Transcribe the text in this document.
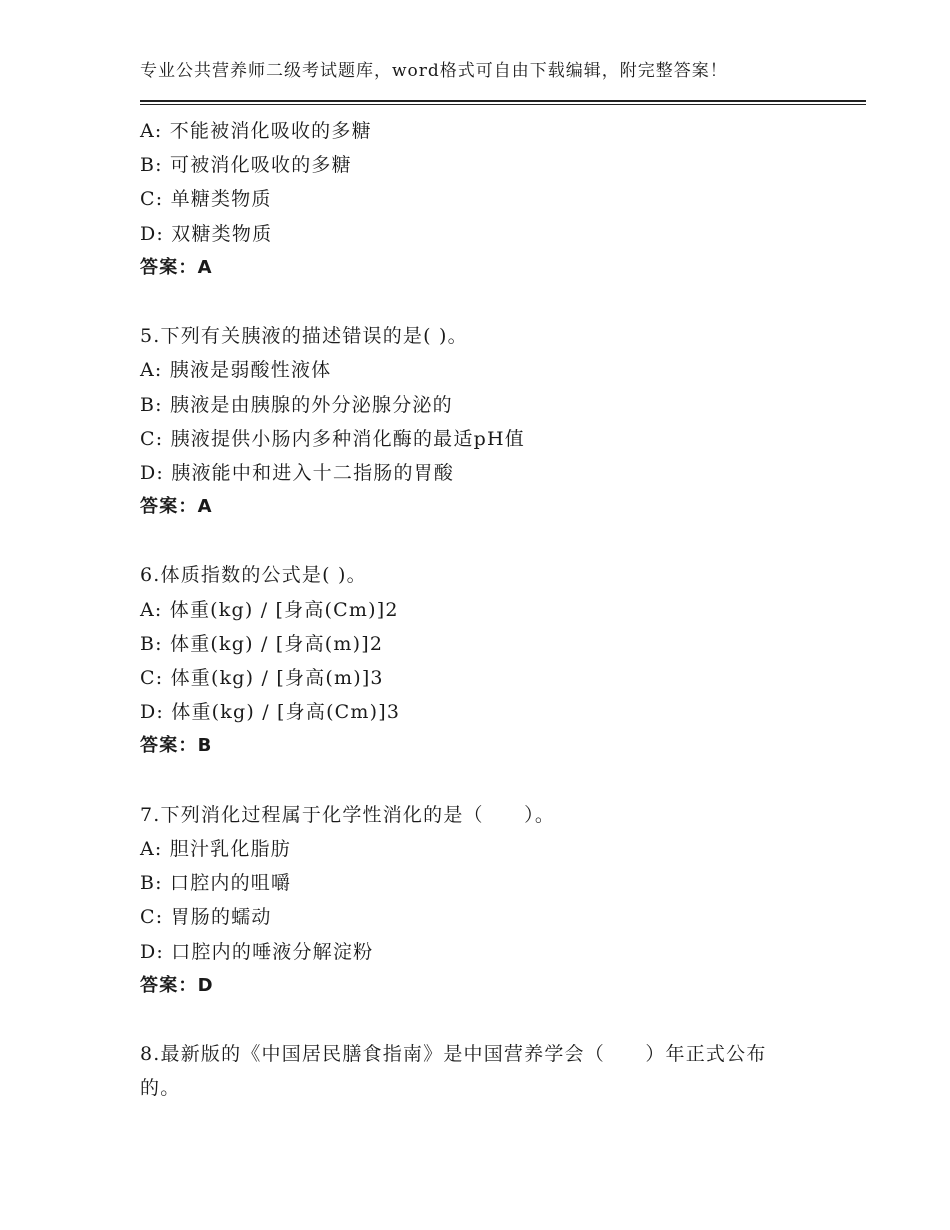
专业公共营养师二级考试题库，word格式可自由下载编辑，附完整答案！
A: 不能被消化吸收的多糖
B: 可被消化吸收的多糖
C: 单糖类物质
D: 双糖类物质
答案：A
5.下列有关胰液的描述错误的是( )。
A: 胰液是弱酸性液体
B: 胰液是由胰腺的外分泌腺分泌的
C: 胰液提供小肠内多种消化酶的最适pH值
D: 胰液能中和进入十二指肠的胃酸
答案：A
6.体质指数的公式是( )。
A: 体重(kg) / [身高(Cm)]2
B: 体重(kg) / [身高(m)]2
C: 体重(kg) / [身高(m)]3
D: 体重(kg) / [身高(Cm)]3
答案：B
7.下列消化过程属于化学性消化的是（　　）。
A: 胆汁乳化脂肪
B: 口腔内的咀嚼
C: 胃肠的蠕动
D: 口腔内的唾液分解淀粉
答案：D
8.最新版的《中国居民膳食指南》是中国营养学会（　　）年正式公布的。
